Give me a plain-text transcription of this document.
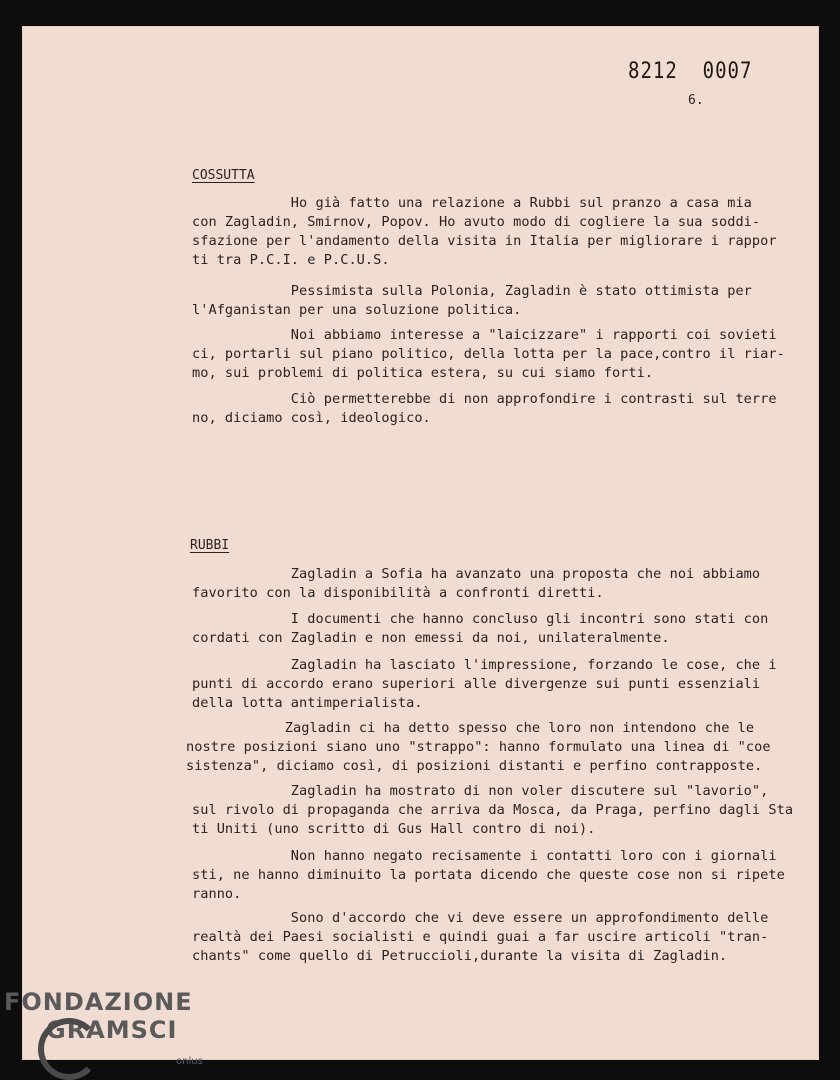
8212  0007
6.
COSSUTTA
Ho già fatto una relazione a Rubbi sul pranzo a casa mia
con Zagladin, Smirnov, Popov. Ho avuto modo di cogliere la sua soddi-
sfazione per l'andamento della visita in Italia per migliorare i rappor
ti tra P.C.I. e P.C.U.S.
Pessimista sulla Polonia, Zagladin è stato ottimista per
l'Afganistan per una soluzione politica.
Noi abbiamo interesse a "laicizzare" i rapporti coi sovieti
ci, portarli sul piano politico, della lotta per la pace,contro il riar-
mo, sui problemi di politica estera, su cui siamo forti.
Ciò permetterebbe di non approfondire i contrasti sul terre
no, diciamo così, ideologico.
RUBBI
Zagladin a Sofia ha avanzato una proposta che noi abbiamo
favorito con la disponibilità a confronti diretti.
I documenti che hanno concluso gli incontri sono stati con
cordati con Zagladin e non emessi da noi, unilateralmente.
Zagladin ha lasciato l'impressione, forzando le cose, che
punti di accordo erano superiori alle divergenze sui punti essenziali
della lotta antimperialista.
Zagladin ci ha detto spesso che loro non intendono che le
nostre posizioni siano uno "strappo": hanno formulato una linea di "coe
sistenza", diciamo così, di posizioni distanti e perfino contrapposte.
Zagladin ha mostrato di non voler discutere sul "lavorio",
sul rivolo di propaganda che arriva da Mosca, da Praga, perfino dagli
ti Uniti (uno scritto di Gus Hall contro di noi).
Non hanno negato recisamente i contatti loro con i giornali
sti, ne hanno diminuito la portata dicendo che queste cose non si ripete
ranno.
Sono d'accordo che vi deve essere un approfondimento delle
realtà dei Paesi socialisti e quindi guai a far uscire articoli "tran-
chants" come quello di Petruccioli,durante la visita di Zagladin.
FONDAZIONE
GRAMSCI
onlus
